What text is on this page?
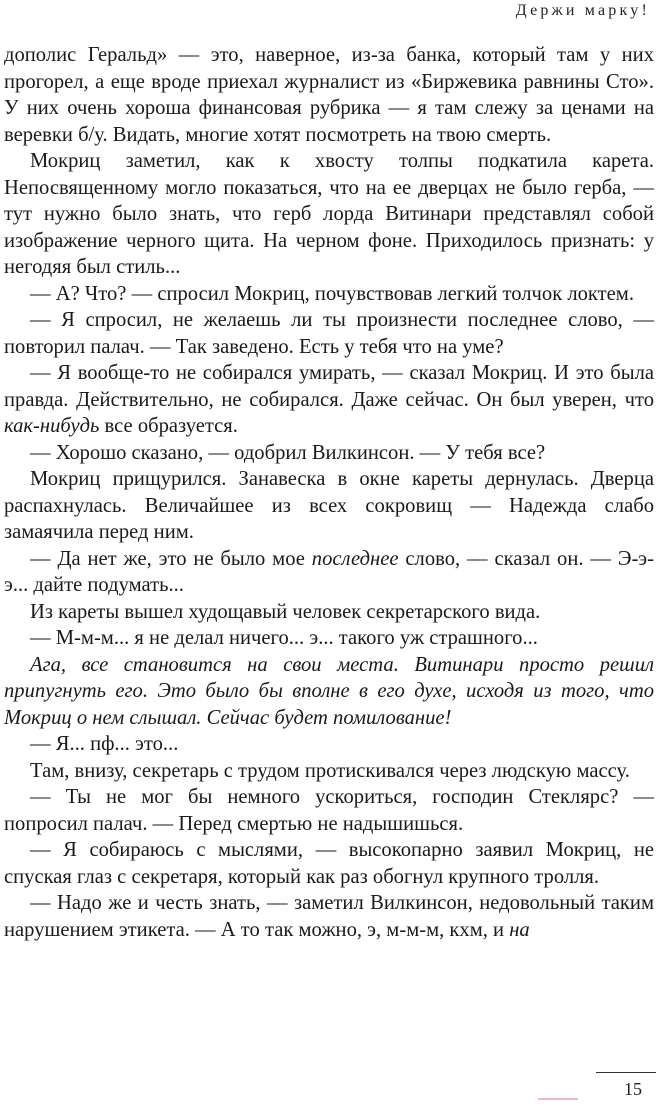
Держи марку!

дополис Геральд» — это, наверное, из-за банка, который там у них прогорел, а еще вроде приехал журналист из «Биржевика равнины Сто». У них очень хороша финансовая рубрика — я там слежу за ценами на веревки б/у. Видать, многие хотят посмотреть на твою смерть.

Мокриц заметил, как к хвосту толпы подкатила карета. Непосвященному могло показаться, что на ее дверцах не было герба, — тут нужно было знать, что герб лорда Витинари представлял собой изображение черного щита. На черном фоне. Приходилось признать: у негодяя был стиль...

— А? Что? — спросил Мокриц, почувствовав легкий толчок локтем.

— Я спросил, не желаешь ли ты произнести последнее слово, — повторил палач. — Так заведено. Есть у тебя что на уме?

— Я вообще-то не собирался умирать, — сказал Мокриц. И это была правда. Действительно, не собирался. Даже сейчас. Он был уверен, что как-нибудь все образуется.

— Хорошо сказано, — одобрил Вилкинсон. — У тебя все?

Мокриц прищурился. Занавеска в окне кареты дернулась. Дверца распахнулась. Величайшее из всех сокровищ — Надежда слабо замаячила перед ним.

— Да нет же, это не было мое последнее слово, — сказал он. — Э-э-э... дайте подумать...

Из кареты вышел худощавый человек секретарского вида.

— М-м-м... я не делал ничего... э... такого уж страшного...

Ага, все становится на свои места. Витинари просто решил припугнуть его. Это было бы вполне в его духе, исходя из того, что Мокриц о нем слышал. Сейчас будет помилование!

— Я... пф... это...

Там, внизу, секретарь с трудом протискивался через людскую массу.

— Ты не мог бы немного ускориться, господин Стеклярс? — попросил палач. — Перед смертью не надышишься.

— Я собираюсь с мыслями, — высокопарно заявил Мокриц, не спуская глаз с секретаря, который как раз обогнул крупного тролля.

— Надо же и честь знать, — заметил Вилкинсон, недовольный таким нарушением этикета. — А то так можно, э, м-м-м, кхм, и на

15
